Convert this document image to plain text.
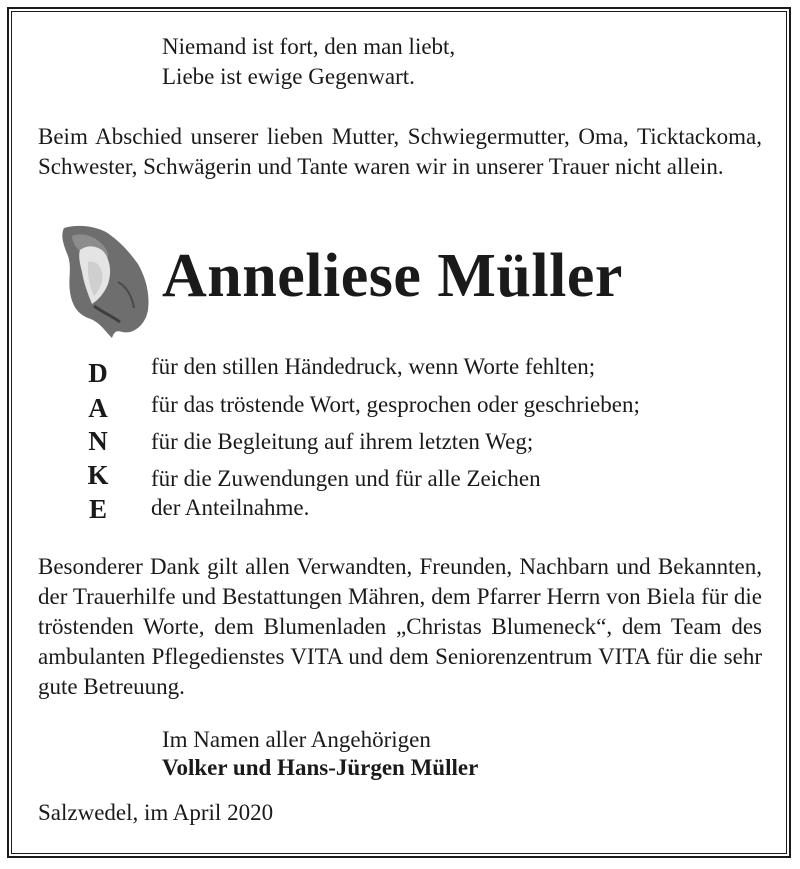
Niemand ist fort, den man liebt,
Liebe ist ewige Gegenwart.
Beim Abschied unserer lieben Mutter, Schwiegermutter, Oma, Ticktackoma, Schwester, Schwägerin und Tante waren wir in unserer Trauer nicht allein.
Anneliese Müller
D
A
N
K
E
für den stillen Händedruck, wenn Worte fehlten;
für das tröstende Wort, gesprochen oder geschrieben;
für die Begleitung auf ihrem letzten Weg;
für die Zuwendungen und für alle Zeichen
der Anteilnahme.
Besonderer Dank gilt allen Verwandten, Freunden, Nachbarn und Bekannten, der Trauerhilfe und Bestattungen Mähren, dem Pfarrer Herrn von Biela für die tröstenden Worte, dem Blumenladen „Christas Blumeneck“, dem Team des ambulanten Pflegedienstes VITA und dem Seniorenzentrum VITA für die sehr gute Betreuung.
Im Namen aller Angehörigen
Volker und Hans-Jürgen Müller
Salzwedel, im April 2020
